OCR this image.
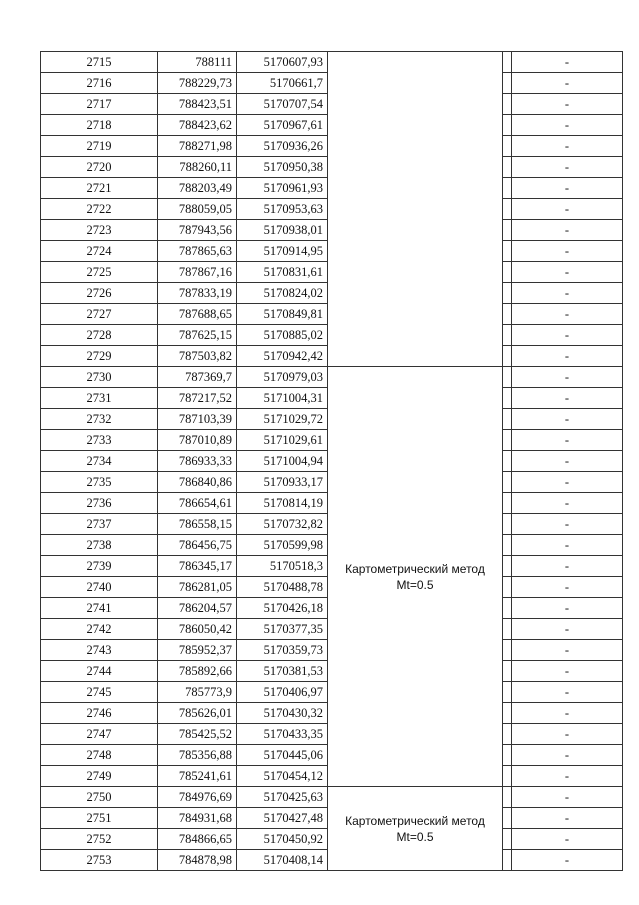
2715	788111	5170607,93			-
2716	788229,73	5170661,7			-
2717	788423,51	5170707,54			-
2718	788423,62	5170967,61			-
2719	788271,98	5170936,26			-
2720	788260,11	5170950,38			-
2721	788203,49	5170961,93			-
2722	788059,05	5170953,63			-
2723	787943,56	5170938,01			-
2724	787865,63	5170914,95			-
2725	787867,16	5170831,61			-
2726	787833,19	5170824,02			-
2727	787688,65	5170849,81			-
2728	787625,15	5170885,02			-
2729	787503,82	5170942,42			-
2730	787369,7	5170979,03	Картометрический метод
Mt=0.5		-
2731	787217,52	5171004,31			-
2732	787103,39	5171029,72			-
2733	787010,89	5171029,61			-
2734	786933,33	5171004,94			-
2735	786840,86	5170933,17			-
2736	786654,61	5170814,19			-
2737	786558,15	5170732,82			-
2738	786456,75	5170599,98			-
2739	786345,17	5170518,3			-
2740	786281,05	5170488,78			-
2741	786204,57	5170426,18			-
2742	786050,42	5170377,35			-
2743	785952,37	5170359,73			-
2744	785892,66	5170381,53			-
2745	785773,9	5170406,97			-
2746	785626,01	5170430,32			-
2747	785425,52	5170433,35			-
2748	785356,88	5170445,06			-
2749	785241,61	5170454,12			-
2750	784976,69	5170425,63	Картометрический метод
Mt=0.5		-
2751	784931,68	5170427,48			-
2752	784866,65	5170450,92			-
2753	784878,98	5170408,14			-
